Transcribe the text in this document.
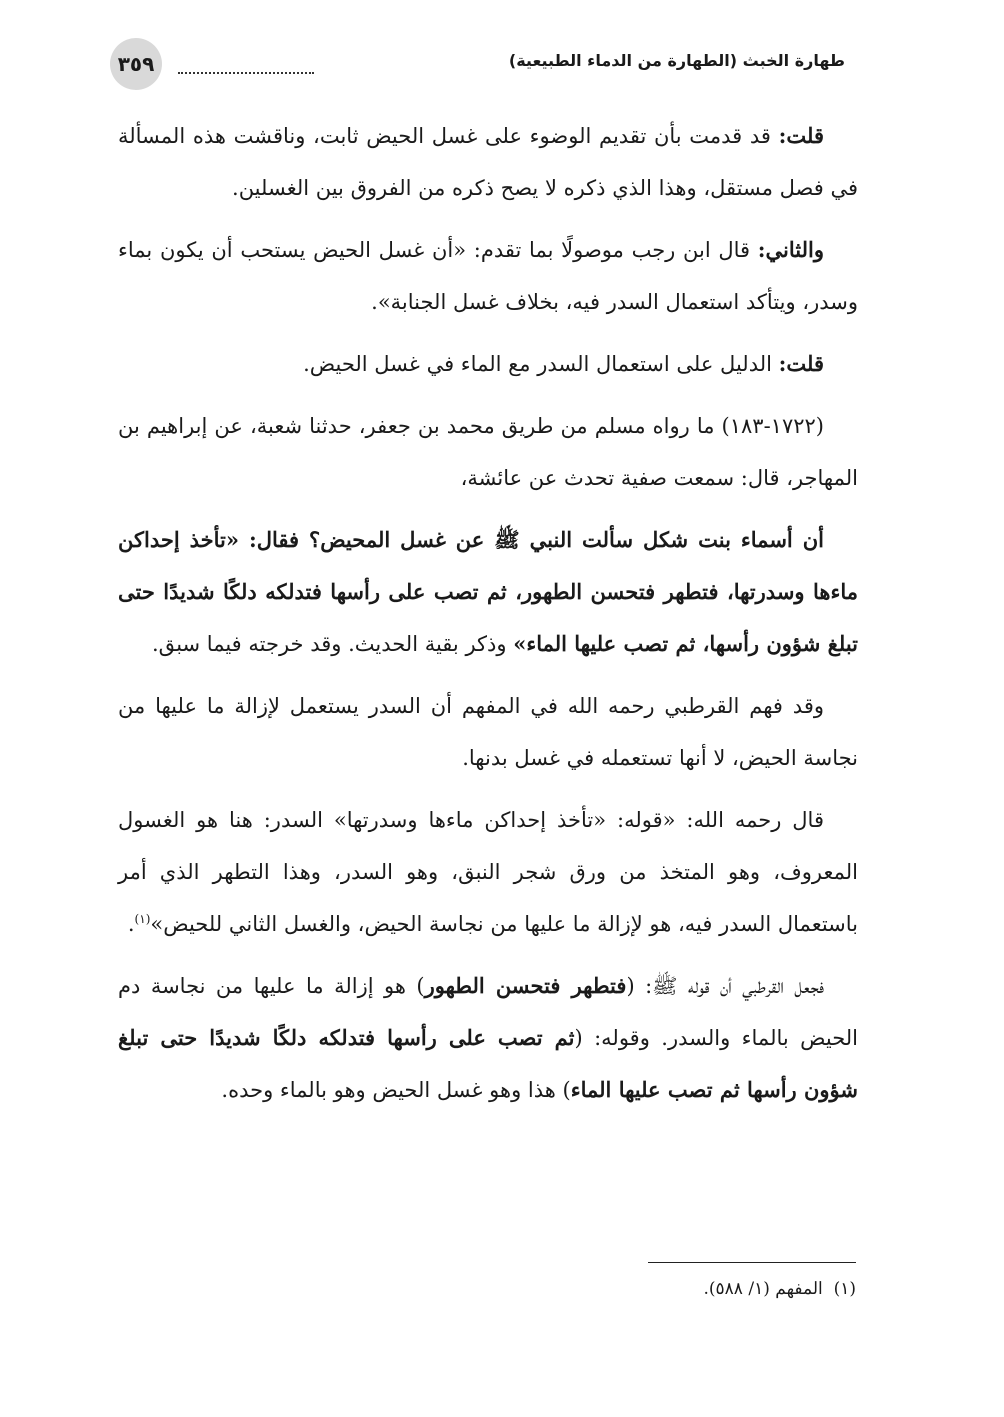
طهارة الخبث (الطهارة من الدماء الطبيعية)
٣٥٩

قلت: قد قدمت بأن تقديم الوضوء على غسل الحيض ثابت، وناقشت هذه المسألة في فصل مستقل، وهذا الذي ذكره لا يصح ذكره من الفروق بين الغسلين.

والثاني: قال ابن رجب موصولًا بما تقدم: «أن غسل الحيض يستحب أن يكون بماء وسدر، ويتأكد استعمال السدر فيه، بخلاف غسل الجنابة».

قلت: الدليل على استعمال السدر مع الماء في غسل الحيض.

(١٧٢٢-١٨٣) ما رواه مسلم من طريق محمد بن جعفر، حدثنا شعبة، عن إبراهيم بن المهاجر، قال: سمعت صفية تحدث عن عائشة،

أن أسماء بنت شكل سألت النبي ﷺ عن غسل المحيض؟ فقال: «تأخذ إحداكن ماءها وسدرتها، فتطهر فتحسن الطهور، ثم تصب على رأسها فتدلكه دلكًا شديدًا حتى تبلغ شؤون رأسها، ثم تصب عليها الماء» وذكر بقية الحديث. وقد خرجته فيما سبق.

وقد فهم القرطبي رحمه الله في المفهم أن السدر يستعمل لإزالة ما عليها من نجاسة الحيض، لا أنها تستعمله في غسل بدنها.

قال رحمه الله: «قوله: «تأخذ إحداكن ماءها وسدرتها» السدر: هنا هو الغسول المعروف، وهو المتخذ من ورق شجر النبق، وهو السدر، وهذا التطهر الذي أمر باستعمال السدر فيه، هو لإزالة ما عليها من نجاسة الحيض، والغسل الثاني للحيض»$^{(١)}$.

فجعل القرطبي أن قوله ﷺ: (فتطهر فتحسن الطهور) هو إزالة ما عليها من نجاسة دم الحيض بالماء والسدر. وقوله: (ثم تصب على رأسها فتدلكه دلكًا شديدًا حتى تبلغ شؤون رأسها ثم تصب عليها الماء) هذا وهو غسل الحيض وهو بالماء وحده.

(١)  المفهم (١/ ٥٨٨).
